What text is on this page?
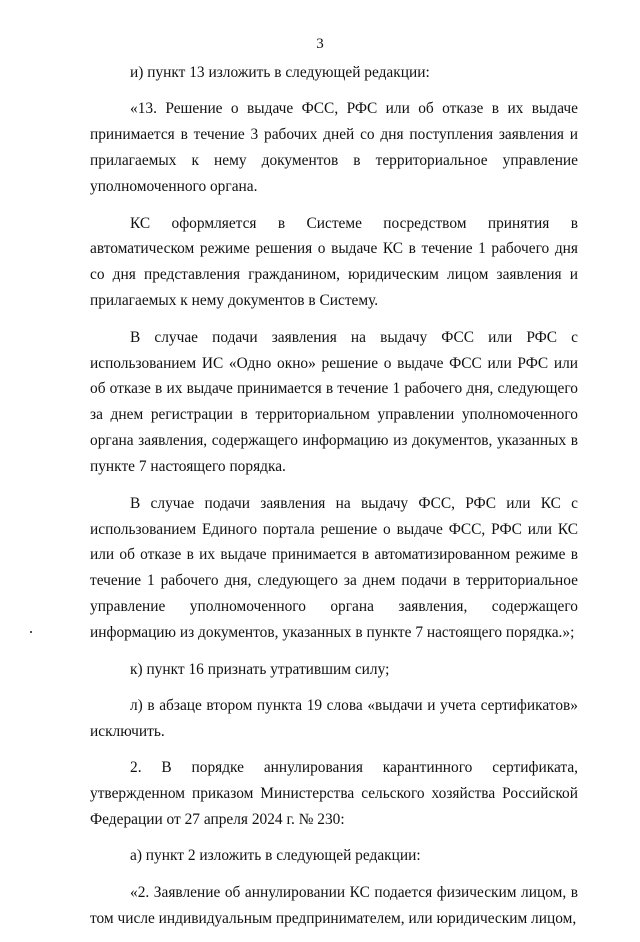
3

и) пункт 13 изложить в следующей редакции:

«13. Решение о выдаче ФСС, РФС или об отказе в их выдаче принимается в течение 3 рабочих дней со дня поступления заявления и прилагаемых к нему документов в территориальное управление уполномоченного органа.

КС оформляется в Системе посредством принятия в автоматическом режиме решения о выдаче КС в течение 1 рабочего дня со дня представления гражданином, юридическим лицом заявления и прилагаемых к нему документов в Систему.

В случае подачи заявления на выдачу ФСС или РФС с использованием ИС «Одно окно» решение о выдаче ФСС или РФС или об отказе в их выдаче принимается в течение 1 рабочего дня, следующего за днем регистрации в территориальном управлении уполномоченного органа заявления, содержащего информацию из документов, указанных в пункте 7 настоящего порядка.

В случае подачи заявления на выдачу ФСС, РФС или КС с использованием Единого портала решение о выдаче ФСС, РФС или КС или об отказе в их выдаче принимается в автоматизированном режиме в течение 1 рабочего дня, следующего за днем подачи в территориальное управление уполномоченного органа заявления, содержащего информацию из документов, указанных в пункте 7 настоящего порядка.»;

к) пункт 16 признать утратившим силу;

л) в абзаце втором пункта 19 слова «выдачи и учета сертификатов» исключить.

2. В порядке аннулирования карантинного сертификата, утвержденном приказом Министерства сельского хозяйства Российской Федерации от 27 апреля 2024 г. № 230:

а) пункт 2 изложить в следующей редакции:

«2. Заявление об аннулировании КС подается физическим лицом, в том числе индивидуальным предпринимателем, или юридическим лицом,
